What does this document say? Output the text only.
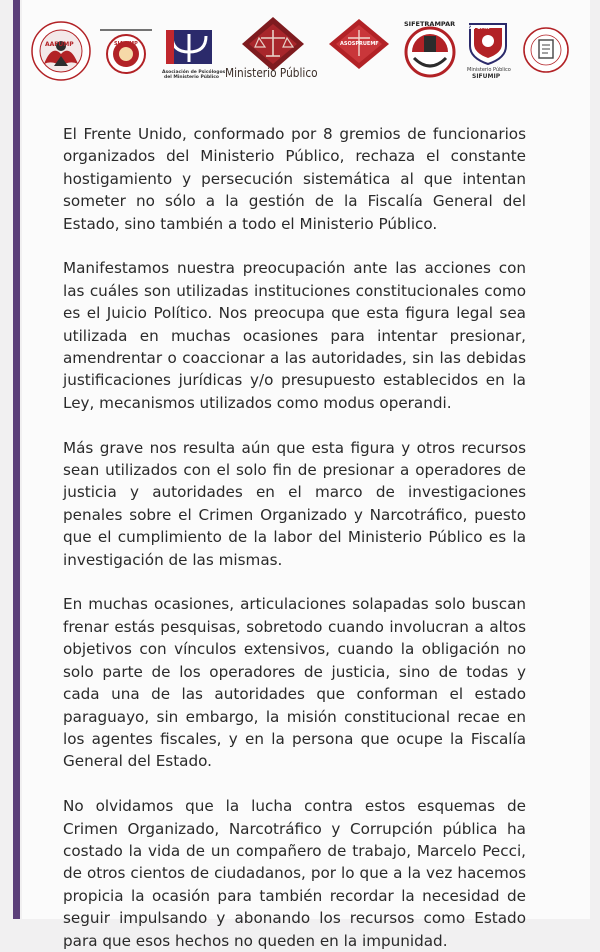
AAFUMP	SIA UMP
Asociación de Psicólogos
del Ministerio Público Ministerio Público
ASOSPRUEMF
SIFETRAMPAR	SIFUMIP
Ministerio Público
SIFUMIP

El Frente Unido, conformado por 8 gremios de funcionarios organizados del Ministerio Público, rechaza el constante hostigamiento y persecución sistemática al que intentan someter no sólo a la gestión de la Fiscalía General del Estado, sino también a todo el Ministerio Público.

Manifestamos nuestra preocupación ante las acciones con las cuáles son utilizadas instituciones constitucionales como es el Juicio Político. Nos preocupa que esta figura legal sea utilizada en muchas ocasiones para intentar presionar, amendrentar o coaccionar a las autoridades, sin las debidas justificaciones jurídicas y/o presupuesto establecidos en la Ley, mecanismos utilizados como modus operandi.

Más grave nos resulta aún que esta figura y otros recursos sean utilizados con el solo fin de presionar a operadores de justicia y autoridades en el marco de investigaciones penales sobre el Crimen Organizado y Narcotráfico, puesto que el cumplimiento de la labor del Ministerio Público es la investigación de las mismas.

En muchas ocasiones, articulaciones solapadas solo buscan frenar estás pesquisas, sobretodo cuando involucran a altos objetivos con vínculos extensivos, cuando la obligación no solo parte de los operadores de justicia, sino de todas y cada una de las autoridades que conforman el estado paraguayo, sin embargo, la misión constitucional recae en los agentes fiscales, y en la persona que ocupe la Fiscalía General del Estado.

No olvidamos que la lucha contra estos esquemas de Crimen Organizado, Narcotráfico y Corrupción pública ha costado la vida de un compañero de trabajo, Marcelo Pecci, de otros cientos de ciudadanos, por lo que a la vez hacemos propicia la ocasión para también recordar la necesidad de seguir impulsando y abonando los recursos como Estado para que esos hechos no queden en la impunidad.
